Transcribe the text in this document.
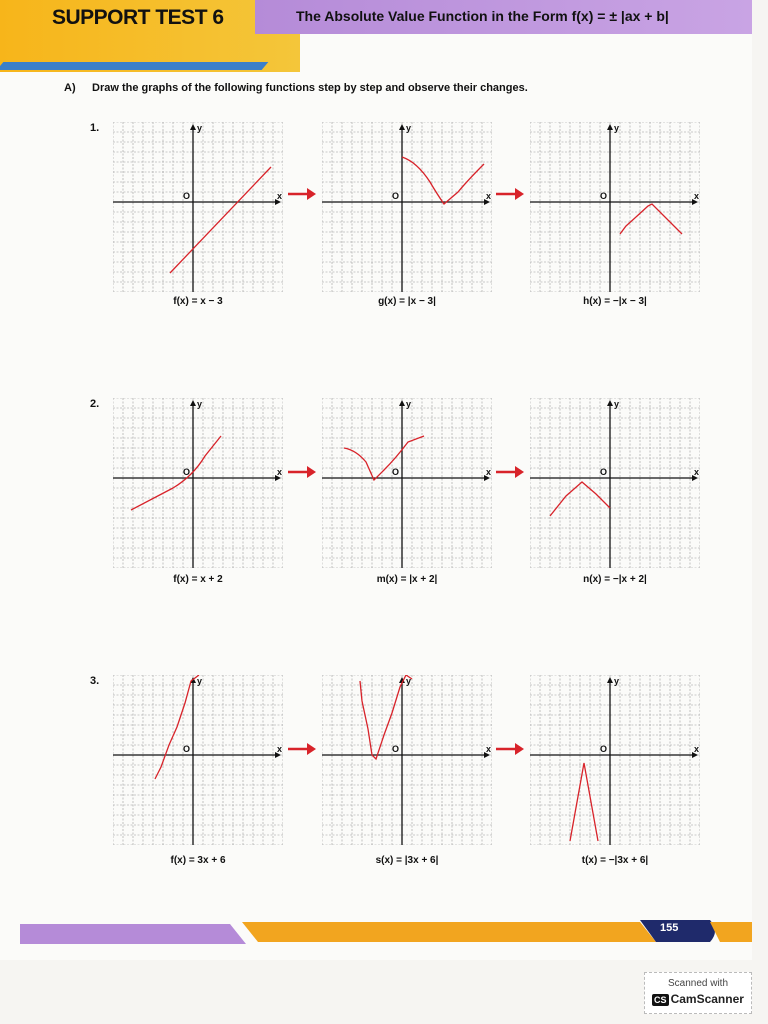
SUPPORT TEST 6	The Absolute Value Function in the Form f(x) = ± |ax + b|
A) Draw the graphs of the following functions step by step and observe their changes.
1.
x
y
O	x
y
O	x
y
O
f(x) = x − 3	g(x) = |x − 3|	h(x) = −|x − 3|
2.
x
y
O	x
y
O	x
y
O
f(x) = x + 2	m(x) = |x + 2|	n(x) = −|x + 2|
3.
x
y
O	x
y
O	x
y
O
f(x) = 3x + 6	s(x) = |3x + 6|	t(x) = −|3x + 6|
155
Scanned with
CS CamScanner
